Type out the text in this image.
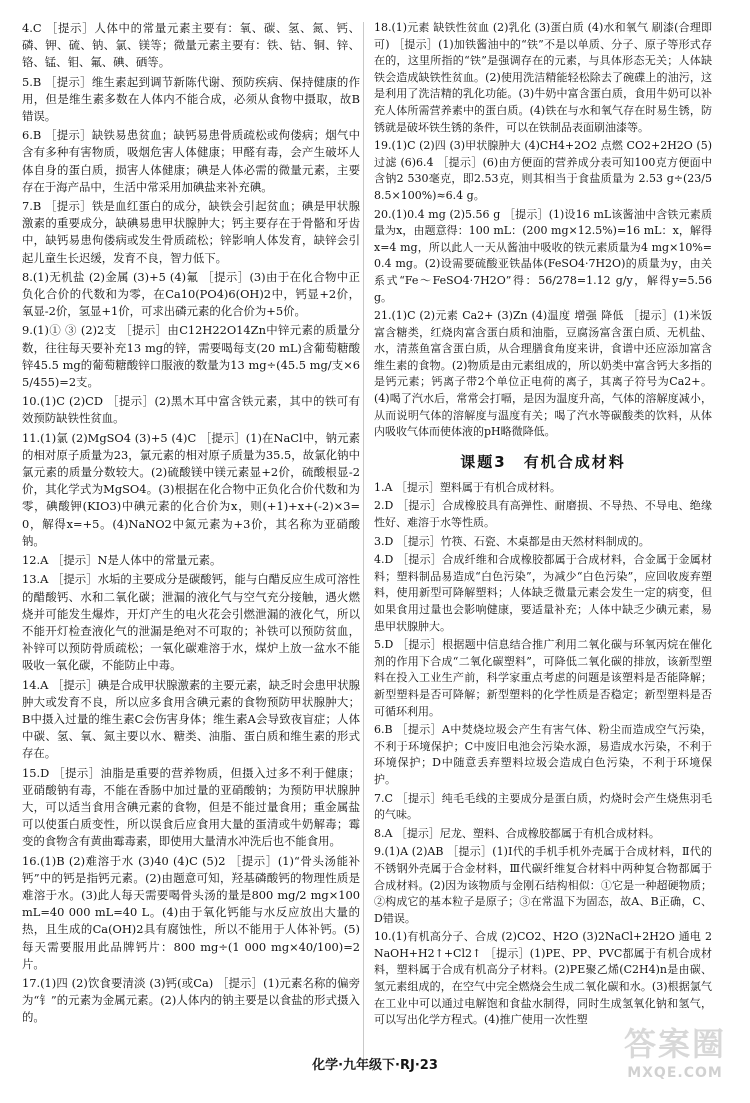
4.C ［提示］人体中的常量元素主要有：氧、碳、氢、氮、钙、磷、钾、硫、钠、氯、镁等；微量元素主要有：铁、钴、铜、锌、铬、锰、钼、氟、碘、硒等。

5.B ［提示］维生素起到调节新陈代谢、预防疾病、保持健康的作用，但是维生素多数在人体内不能合成，必须从食物中摄取，故B错误。

6.B ［提示］缺铁易患贫血；缺钙易患骨质疏松或佝偻病；烟气中含有多种有害物质，吸烟危害人体健康；甲醛有毒，会产生破坏人体自身的蛋白质，损害人体健康；碘是人体必需的微量元素，主要存在于海产品中，生活中常采用加碘盐来补充碘。

7.B ［提示］铁是血红蛋白的成分，缺铁会引起贫血；碘是甲状腺激素的重要成分，缺碘易患甲状腺肿大；钙主要存在于骨骼和牙齿中，缺钙易患佝偻病或发生骨质疏松；锌影响人体发育，缺锌会引起儿童生长迟缓，发育不良，智力低下。

8.(1)无机盐 (2)金属 (3)+5 (4)氟 ［提示］(3)由于在化合物中正负化合价的代数和为零，在Ca10(PO4)6(OH)2中，钙显+2价，氧显-2价，氢显+1价，可求出磷元素的化合价为+5价。

9.(1)① ③ (2)2支 ［提示］由C12H22O14Zn中锌元素的质量分数，往往每天要补充13 mg的锌，需要喝每支(20 mL)含葡萄糖酸锌45.5 mg的葡萄糖酸锌口服液的数量为13 mg÷(45.5 mg/支×65/455)=2支。

10.(1)C (2)CD ［提示］(2)黑木耳中富含铁元素，其中的铁可有效预防缺铁性贫血。

11.(1)氯 (2)MgSO4 (3)+5 (4)C ［提示］(1)在NaCl中，钠元素的相对原子质量为23，氯元素的相对原子质量为35.5，故氯化钠中氯元素的质量分数较大。(2)硫酸镁中镁元素显+2价，硫酸根显-2价，其化学式为MgSO4。(3)根据在化合物中正负化合价代数和为零，碘酸钾(KIO3)中碘元素的化合价为x，则(+1)+x+(-2)×3=0，解得x=+5。(4)NaNO2中氮元素为+3价，其名称为亚硝酸钠。

12.A ［提示］N是人体中的常量元素。

13.A ［提示］水垢的主要成分是碳酸钙，能与白醋反应生成可溶性的醋酸钙、水和二氧化碳；泄漏的液化气与空气充分接触，遇火燃烧并可能发生爆炸，开灯产生的电火花会引燃泄漏的液化气，所以不能开灯检查液化气的泄漏是绝对不可取的；补铁可以预防贫血，补锌可以预防骨质疏松；一氧化碳难溶于水，煤炉上放一盆水不能吸收一氧化碳，不能防止中毒。

14.A ［提示］碘是合成甲状腺激素的主要元素，缺乏时会患甲状腺肿大或发育不良，所以应多食用含碘元素的食物预防甲状腺肿大；B中摄入过量的维生素C会伤害身体；维生素A会导致夜盲症；人体中碳、氢、氧、氮主要以水、糖类、油脂、蛋白质和维生素的形式存在。

15.D ［提示］油脂是重要的营养物质，但摄入过多不利于健康；亚硝酸钠有毒，不能在香肠中加过量的亚硝酸钠；为预防甲状腺肿大，可以适当食用含碘元素的食物，但是不能过量食用；重金属盐可以使蛋白质变性，所以误食后应食用大量的蛋清或牛奶解毒；霉变的食物含有黄曲霉毒素，即使用大量清水冲洗后也不能食用。

16.(1)B (2)难溶于水 (3)40 (4)C (5)2 ［提示］(1)“骨头汤能补钙”中的钙是指钙元素。(2)由题意可知，羟基磷酸钙的物理性质是难溶于水。(3)此人每天需要喝骨头汤的量是800 mg/2 mg×100 mL=40 000 mL=40 L。(4)由于氧化钙能与水反应放出大量的热，且生成的Ca(OH)2具有腐蚀性，所以不能用于人体补钙。(5)每天需要服用此品牌钙片：800 mg÷(1 000 mg×40/100)=2片。

17.(1)四 (2)饮食要清淡 (3)钙(或Ca) ［提示］(1)元素名称的偏旁为“钅”的元素为金属元素。(2)人体内的钠主要是以食盐的形式摄入的。

18.(1)元素 缺铁性贫血 (2)乳化 (3)蛋白质 (4)水和氧气 刷漆(合理即可) ［提示］(1)加铁酱油中的“铁”不是以单质、分子、原子等形式存在的，这里所指的“铁”是强调存在的元素，与具体形态无关；人体缺铁会造成缺铁性贫血。(2)使用洗洁精能轻松除去了碗碟上的油污，这是利用了洗洁精的乳化功能。(3)牛奶中富含蛋白质，食用牛奶可以补充人体所需营养素中的蛋白质。(4)铁在与水和氧气存在时易生锈，防锈就是破坏铁生锈的条件，可以在铁制品表面刷油漆等。

19.(1)C (2)四 (3)甲状腺肿大 (4)CH4+2O2 点燃 CO2+2H2O (5)过滤 (6)6.4 ［提示］(6)由方便面的营养成分表可知100克方便面中含钠2 530毫克，即2.53克，则其相当于食盐质量为 2.53 g÷(23/58.5×100%)≈6.4 g。

20.(1)0.4 mg (2)5.56 g ［提示］(1)设16 mL该酱油中含铁元素质量为x，由题意得：100 mL：(200 mg×12.5%)=16 mL：x，解得x=4 mg，所以此人一天从酱油中吸收的铁元素质量为4 mg×10%=0.4 mg。(2)设需要硫酸亚铁晶体(FeSO4·7H2O)的质量为y，由关系式“Fe～FeSO4·7H2O”得：56/278=1.12 g/y，解得y=5.56 g。

21.(1)C (2)元素 Ca2+ (3)Zn (4)温度 增强 降低 ［提示］(1)米饭富含糖类，红烧肉富含蛋白质和油脂，豆腐汤富含蛋白质、无机盐、水，清蒸鱼富含蛋白质，从合理膳食角度来讲，食谱中还应添加富含维生素的食物。(2)物质是由元素组成的，所以奶类中富含钙大多指的是钙元素；钙离子带2个单位正电荷的离子，其离子符号为Ca2+。(4)喝了汽水后，常常会打嗝，是因为温度升高，气体的溶解度减小，从而说明气体的溶解度与温度有关；喝了汽水等碳酸类的饮料，从体内吸收气体而使体液的pH略微降低。

课题3　有机合成材料

1.A ［提示］塑料属于有机合成材料。

2.D ［提示］合成橡胶具有高弹性、耐磨损、不导热、不导电、绝缘性好、难溶于水等性质。

3.D ［提示］竹筷、石瓷、木桌都是由天然材料制成的。

4.D ［提示］合成纤维和合成橡胶都属于合成材料，合金属于金属材料；塑料制品易造成“白色污染”，为减少“白色污染”，应回收废弃塑料，使用新型可降解塑料；人体缺乏微量元素会发生一定的病变，但如果食用过量也会影响健康，要适量补充；人体中缺乏少碘元素，易患甲状腺肿大。

5.D ［提示］根据题中信息结合推广利用二氧化碳与环氧丙烷在催化剂的作用下合成“二氧化碳塑料”，可降低二氧化碳的排放，该新型塑料在投入工业生产前，科学家重点考虑的问题是该塑料是否能降解；新型塑料是否可降解；新型塑料的化学性质是否稳定；新型塑料是否可循环利用。

6.B ［提示］A中焚烧垃圾会产生有害气体、粉尘而造成空气污染，不利于环境保护；C中废旧电池会污染水源，易造成水污染，不利于环境保护；D中随意丢弃塑料垃圾会造成白色污染，不利于环境保护。

7.C ［提示］纯毛毛线的主要成分是蛋白质，灼烧时会产生烧焦羽毛的气味。

8.A ［提示］尼龙、塑料、合成橡胶都属于有机合成材料。

9.(1)A (2)AB ［提示］(1)Ⅰ代的手机手机外壳属于合成材料，Ⅱ代的不锈钢外壳属于合金材料，Ⅲ代碳纤维复合材料中两种复合物都属于合成材料。(2)因为该物质与金刚石结构相似：①它是一种超硬物质；②构成它的基本粒子是原子；③在常温下为固态，故A、B正确，C、D错误。

10.(1)有机高分子、合成 (2)CO2、H2O (3)2NaCl+2H2O 通电 2NaOH+H2↑+Cl2↑ ［提示］(1)PE、PP、PVC都属于有机合成材料，塑料属于合成有机高分子材料。(2)PE聚乙烯(C2H4)n是由碳、氢元素组成的，在空气中完全燃烧会生成二氧化碳和水。(3)根据氯气在工业中可以通过电解饱和食盐水制得，同时生成氢氧化钠和氢气，可以写出化学方程式。(4)推广使用一次性塑

化学·九年级下·RJ·23
答案圈
MXQE.COM
